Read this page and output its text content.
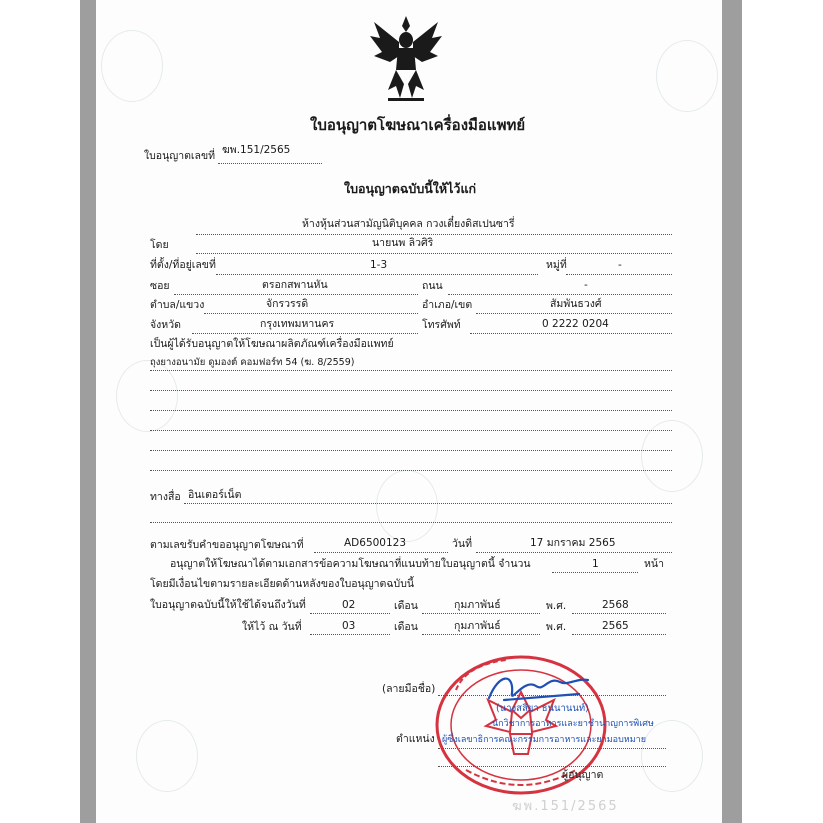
ใบอนุญาตโฆษณาเครื่องมือแพทย์
ใบอนุญาตเลขที่ ฆพ.151/2565
ใบอนุญาตฉบับนี้ให้ไว้แก่
ห้างหุ้นส่วนสามัญนิติบุคคล กวงเตี๋ยงดิสเปนซารี่
โดย	นายนพ ลิวศิริ
ที่ตั้ง/ที่อยู่เลขที่	1-3	หมู่ที่	-
ซอย	ตรอกสพานหัน	ถนน	-
ตำบล/แขวง	จักรวรรดิ	อำเภอ/เขต	สัมพันธวงศ์
จังหวัด	กรุงเทพมหานคร	โทรศัพท์	0 2222 0204
เป็นผู้ได้รับอนุญาตให้โฆษณาผลิตภัณฑ์เครื่องมือแพทย์
ถุงยางอนามัย ดูมองต์ คอมฟอร์ท 54 (ฆ. 8/2559)
ทางสื่อ อินเตอร์เน็ต
ตามเลขรับคำขออนุญาตโฆษณาที่	AD6500123	วันที่	17 มกราคม 2565
อนุญาตให้โฆษณาได้ตามเอกสารข้อความโฆษณาที่แนบท้ายใบอนุญาตนี้ จำนวน	1	หน้า
โดยมีเงื่อนไขตามรายละเอียดด้านหลังของใบอนุญาตฉบับนี้
ใบอนุญาตฉบับนี้ให้ใช้ได้จนถึงวันที่	02	เดือน	กุมภาพันธ์	พ.ศ.	2568
ให้ไว้ ณ วันที่	03	เดือน	กุมภาพันธ์	พ.ศ.	2565
(ลายมือชื่อ)
(นางสลิยา ธนนานนท์)
นักวิชาการอาหารและยาชำนาญการพิเศษ
ตำแหน่ง ผู้ซึ่งเลขาธิการคณะกรรมการอาหารและยามอบหมาย
ผู้อนุญาต
ฆพ.151/2565
